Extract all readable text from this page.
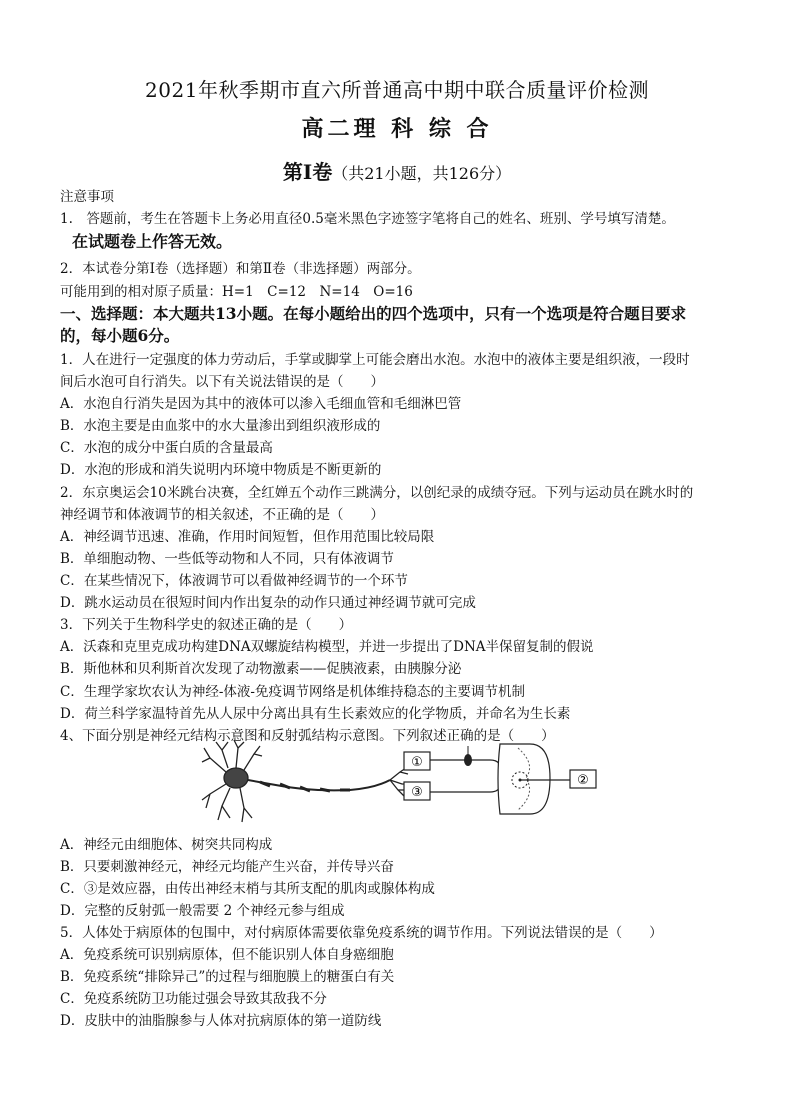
2021年秋季期市直六所普通高中期中联合质量评价检测
高二理 科 综 合
第Ⅰ卷（共21小题，共126分）
注意事项
1.　答题前，考生在答题卡上务必用直径0.5毫米黑色字迹签字笔将自己的姓名、班别、学号填写清楚。
在试题卷上作答无效。
2．本试卷分第Ⅰ卷（选择题）和第Ⅱ卷（非选择题）两部分。
可能用到的相对原子质量：H=1　C=12　N=14　O=16
一、选择题：本大题共13小题。在每小题给出的四个选项中，只有一个选项是符合题目要求
的，每小题6分。
1．人在进行一定强度的体力劳动后，手掌或脚掌上可能会磨出水泡。水泡中的液体主要是组织液，一段时
间后水泡可自行消失。以下有关说法错误的是（　　）
A．水泡自行消失是因为其中的液体可以渗入毛细血管和毛细淋巴管
B．水泡主要是由血浆中的水大量渗出到组织液形成的
C．水泡的成分中蛋白质的含量最高
D．水泡的形成和消失说明内环境中物质是不断更新的
2．东京奥运会10米跳台决赛，全红婵五个动作三跳满分，以创纪录的成绩夺冠。下列与运动员在跳水时的
神经调节和体液调节的相关叙述，不正确的是（　　）
A．神经调节迅速、准确，作用时间短暂，但作用范围比较局限
B．单细胞动物、一些低等动物和人不同，只有体液调节
C．在某些情况下，体液调节可以看做神经调节的一个环节
D．跳水运动员在很短时间内作出复杂的动作只通过神经调节就可完成
3．下列关于生物科学史的叙述正确的是（　　）
A．沃森和克里克成功构建DNA双螺旋结构模型，并进一步提出了DNA半保留复制的假说
B．斯他林和贝利斯首次发现了动物激素——促胰液素，由胰腺分泌
C．生理学家坎农认为神经-体液-免疫调节网络是机体维持稳态的主要调节机制
D．荷兰科学家温特首先从人尿中分离出具有生长素效应的化学物质，并命名为生长素
4、下面分别是神经元结构示意图和反射弧结构示意图。下列叙述正确的是（　　）
①
③
②
A．神经元由细胞体、树突共同构成
B．只要刺激神经元，神经元均能产生兴奋，并传导兴奋
C．③是效应器，由传出神经末梢与其所支配的肌肉或腺体构成
D．完整的反射弧一般需要 2 个神经元参与组成
5．人体处于病原体的包围中，对付病原体需要依靠免疫系统的调节作用。下列说法错误的是（　　）
A．免疫系统可识别病原体，但不能识别人体自身癌细胞
B．免疫系统“排除异己”的过程与细胞膜上的糖蛋白有关
C．免疫系统防卫功能过强会导致其敌我不分
D．皮肤中的油脂腺参与人体对抗病原体的第一道防线
